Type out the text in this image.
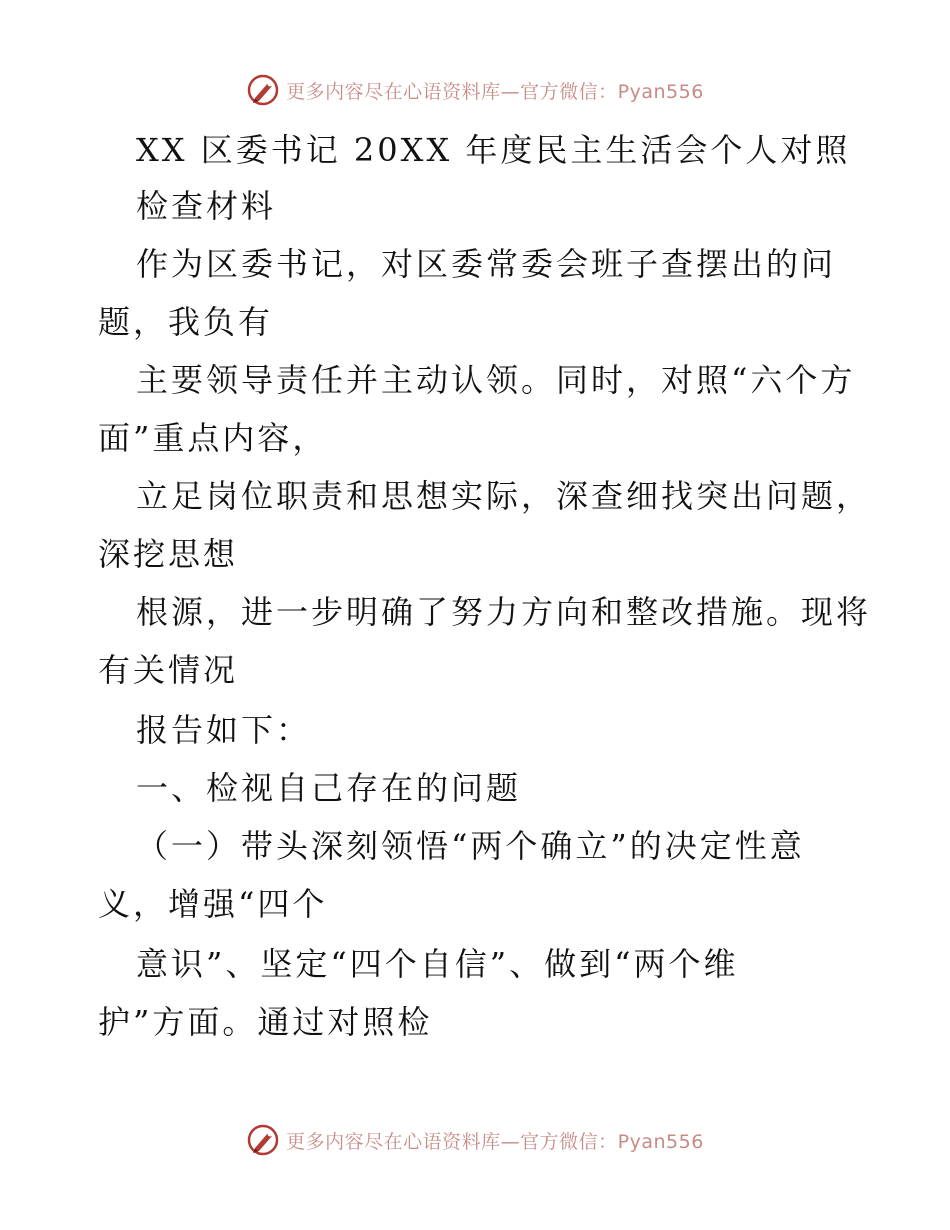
更多内容尽在心语资料库—官方微信：Pyan556
XX 区委书记 20XX 年度民主生活会个人对照
检查材料
作为区委书记，对区委常委会班子查摆出的问
题，我负有
主要领导责任并主动认领。同时，对照“六个方
面”重点内容，
立足岗位职责和思想实际，深查细找突出问题，
深挖思想
根源，进一步明确了努力方向和整改措施。现将
有关情况
报告如下：
一、检视自己存在的问题
（一）带头深刻领悟“两个确立”的决定性意
义，增强“四个
意识”、坚定“四个自信”、做到“两个维
护”方面。通过对照检
更多内容尽在心语资料库—官方微信：Pyan556
